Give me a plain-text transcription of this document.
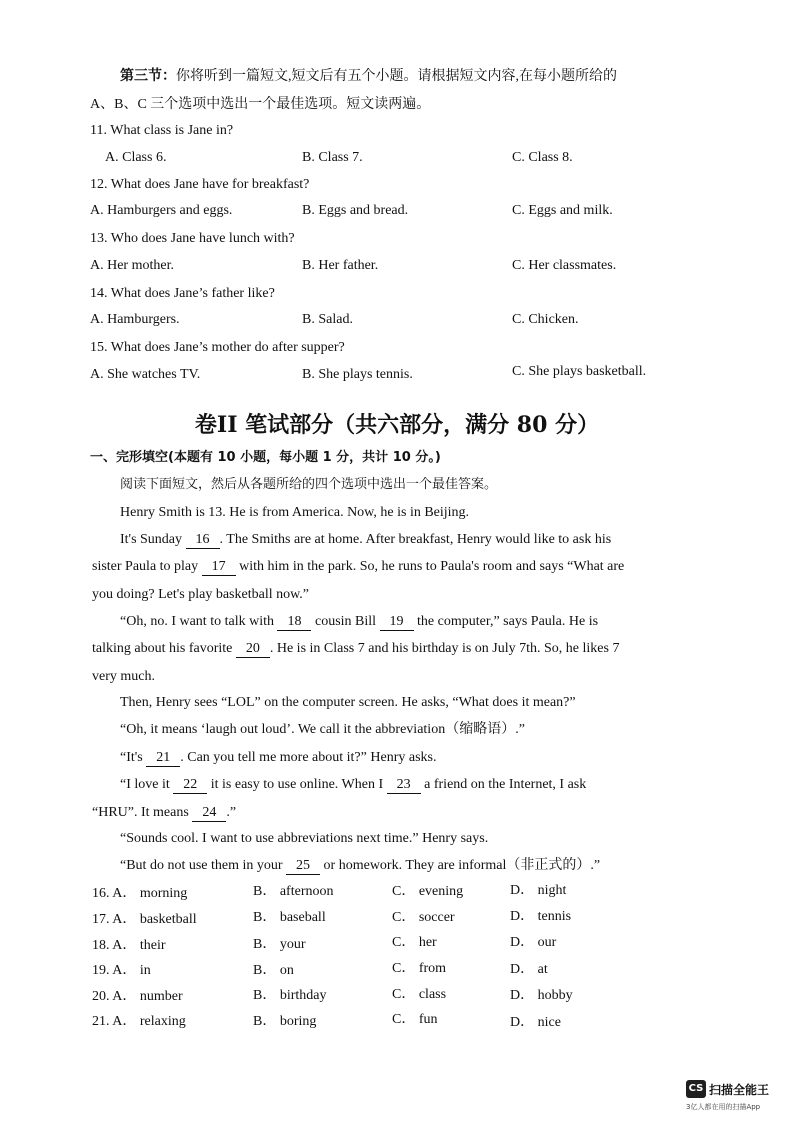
第三节：你将听到一篇短文,短文后有五个小题。请根据短文内容,在每小题所给的
A、B、C 三个选项中选出一个最佳选项。短文读两遍。
11. What class is Jane in?
A. Class 6.	B. Class 7.	C. Class 8.
12. What does Jane have for breakfast?
A. Hamburgers and eggs.	B. Eggs and bread.	C. Eggs and milk.
13. Who does Jane have lunch with?
A. Her mother.	B. Her father.	C. Her classmates.
14. What does Jane’s father like?
A. Hamburgers.	B. Salad.	C. Chicken.
15. What does Jane’s mother do after supper?
A. She watches TV.	B. She plays tennis.	C. She plays basketball.
卷II 笔试部分（共六部分，满分 80 分）
一、完形填空(本题有 10 小题，每小题 1 分，共计 10 分。)
阅读下面短文，然后从各题所给的四个选项中选出一个最佳答案。
Henry Smith is 13. He is from America. Now, he is in Beijing.
It's Sunday 16 . The Smiths are at home. After breakfast, Henry would like to ask his
sister Paula to play 17 with him in the park. So, he runs to Paula's room and says “What are
you doing? Let's play basketball now.”
“Oh, no. I want to talk with 18 cousin Bill 19 the computer,” says Paula. He is
talking about his favorite 20 . He is in Class 7 and his birthday is on July 7th. So, he likes 7
very much.
Then, Henry sees “LOL” on the computer screen. He asks, “What does it mean?”
“Oh, it means ‘laugh out loud’. We call it the abbreviation（缩略语）.”
“It's 21 . Can you tell me more about it?” Henry asks.
“I love it 22 it is easy to use online. When I 23 a friend on the Internet, I ask
“HRU”. It means 24 .”
“Sounds cool. I want to use abbreviations next time.” Henry says.
“But do not use them in your 25 or homework. They are informal（非正式的）.”
16. A． morning	B． afternoon	C． evening	D． night
17. A． basketball	B． baseball	C． soccer	D． tennis
18. A． their	B． your	C． her	D． our
19. A． in	B． on	C． from	D． at
20. A． number	B． birthday	C． class	D． hobby
21. A． relaxing	B． boring	C． fun	D． nice
CS 扫描全能王
3亿人都在用的扫描App
